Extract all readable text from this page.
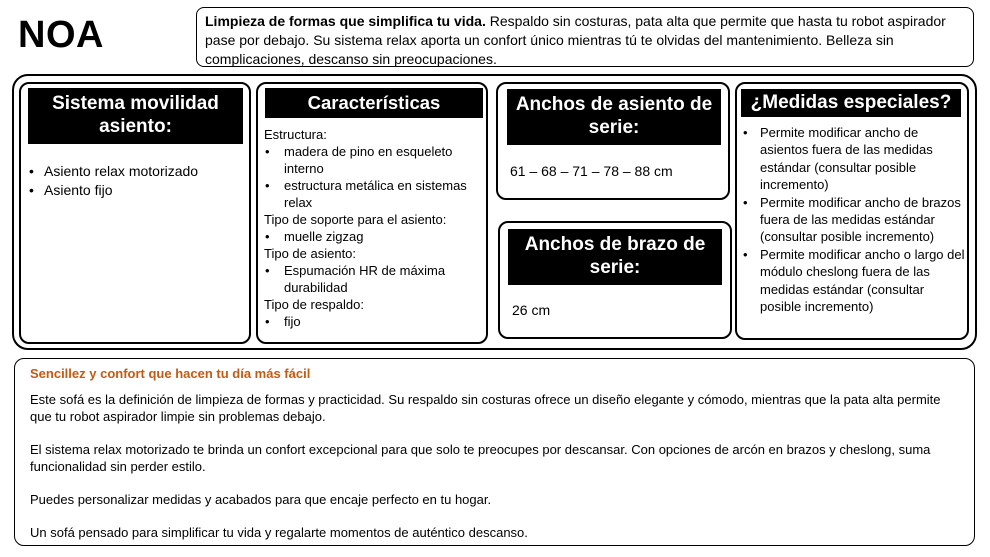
NOA	Limpieza de formas que simplifica tu vida. Respaldo sin costuras, pata alta que permite que hasta tu robot aspirador pase por debajo. Su sistema relax aporta un confort único mientras tú te olvidas del mantenimiento. Belleza sin complicaciones, descanso sin preocupaciones.
Sistema movilidad asiento:
• Asiento relax motorizado
• Asiento fijo
Características técnicas:
Estructura:
• madera de pino en esqueleto interno
• estructura metálica en sistemas relax
Tipo de soporte para el asiento:
• muelle zigzag
Tipo de asiento:
• Espumación HR de máxima durabilidad
Tipo de respaldo:
• fijo
Anchos de asiento de serie:
61 – 68 – 71 – 78 – 88 cm
Anchos de brazo de serie:
26 cm
¿Medidas especiales?
• Permite modificar ancho de asientos fuera de las medidas estándar (consultar posible incremento)
• Permite modificar ancho de brazos fuera de las medidas estándar (consultar posible incremento)
• Permite modificar ancho o largo del módulo cheslong fuera de las medidas estándar (consultar posible incremento)
Sencillez y confort que hacen tu día más fácil

Este sofá es la definición de limpieza de formas y practicidad. Su respaldo sin costuras ofrece un diseño elegante y cómodo, mientras que la pata alta permite que tu robot aspirador limpie sin problemas debajo.

El sistema relax motorizado te brinda un confort excepcional para que solo te preocupes por descansar. Con opciones de arcón en brazos y cheslong, suma funcionalidad sin perder estilo.

Puedes personalizar medidas y acabados para que encaje perfecto en tu hogar.

Un sofá pensado para simplificar tu vida y regalarte momentos de auténtico descanso.
